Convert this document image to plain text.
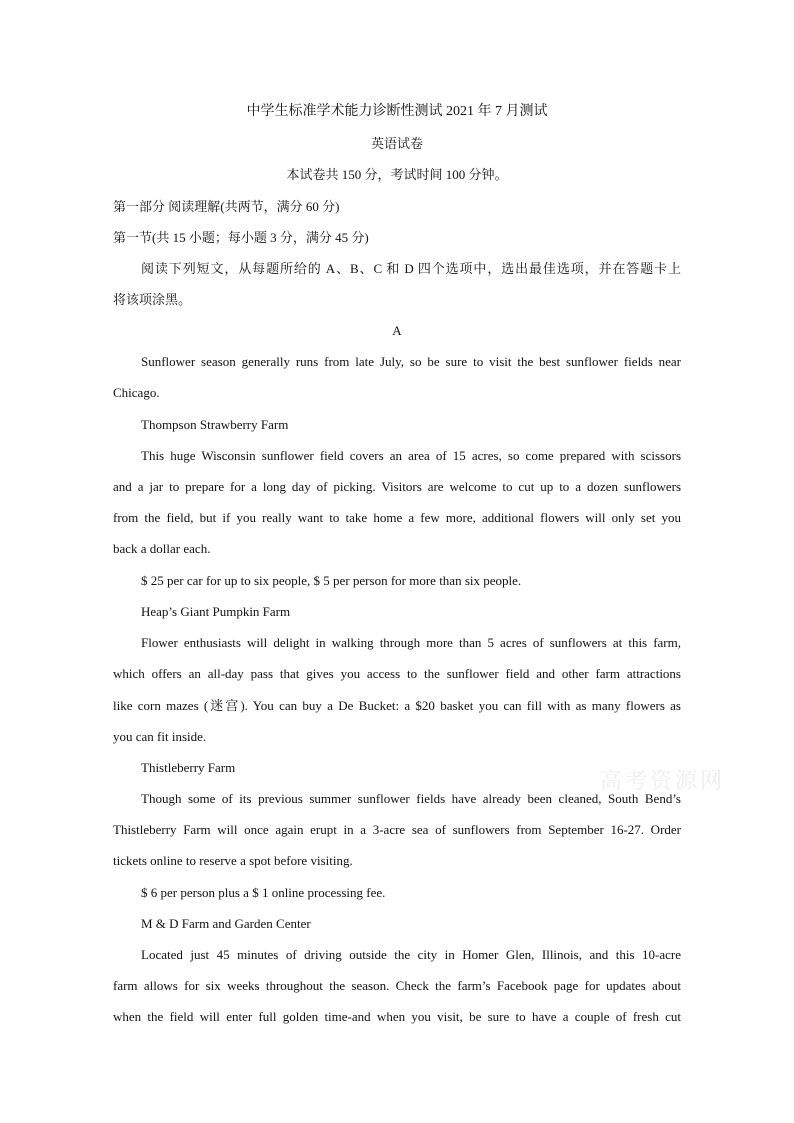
中学生标准学术能力诊断性测试 2021 年 7 月测试
英语试卷
本试卷共 150 分，考试时间 100 分钟。
第一部分 阅读理解(共两节，满分 60 分)
第一节(共 15 小题；每小题 3 分，满分 45 分)
阅读下列短文，从每题所给的 A、B、C 和 D 四个选项中，选出最佳选项，并在答题卡上
将该项涂黑。
A
Sunflower season generally runs from late July, so be sure to visit the best sunflower fields near
Chicago.
Thompson Strawberry Farm
This huge Wisconsin sunflower field covers an area of 15 acres, so come prepared with scissors
and a jar to prepare for a long day of picking. Visitors are welcome to cut up to a dozen sunflowers
from the field, but if you really want to take home a few more, additional flowers will only set you
back a dollar each.
$ 25 per car for up to six people, $ 5 per person for more than six people.
Heap’s Giant Pumpkin Farm
Flower enthusiasts will delight in walking through more than 5 acres of sunflowers at this farm,
which offers an all-day pass that gives you access to the sunflower field and other farm attractions
like corn mazes (迷宫). You can buy a De Bucket: a $20 basket you can fill with as many flowers as
you can fit inside.
Thistleberry Farm
Though some of its previous summer sunflower fields have already been cleaned, South Bend’s
Thistleberry Farm will once again erupt in a 3-acre sea of sunflowers from September 16-27. Order
tickets online to reserve a spot before visiting.
$ 6 per person plus a $ 1 online processing fee.
M & D Farm and Garden Center
Located just 45 minutes of driving outside the city in Homer Glen, Illinois, and this 10-acre
farm allows for six weeks throughout the season. Check the farm’s Facebook page for updates about
when the field will enter full golden time-and when you visit, be sure to have a couple of fresh cut
高考资源网
